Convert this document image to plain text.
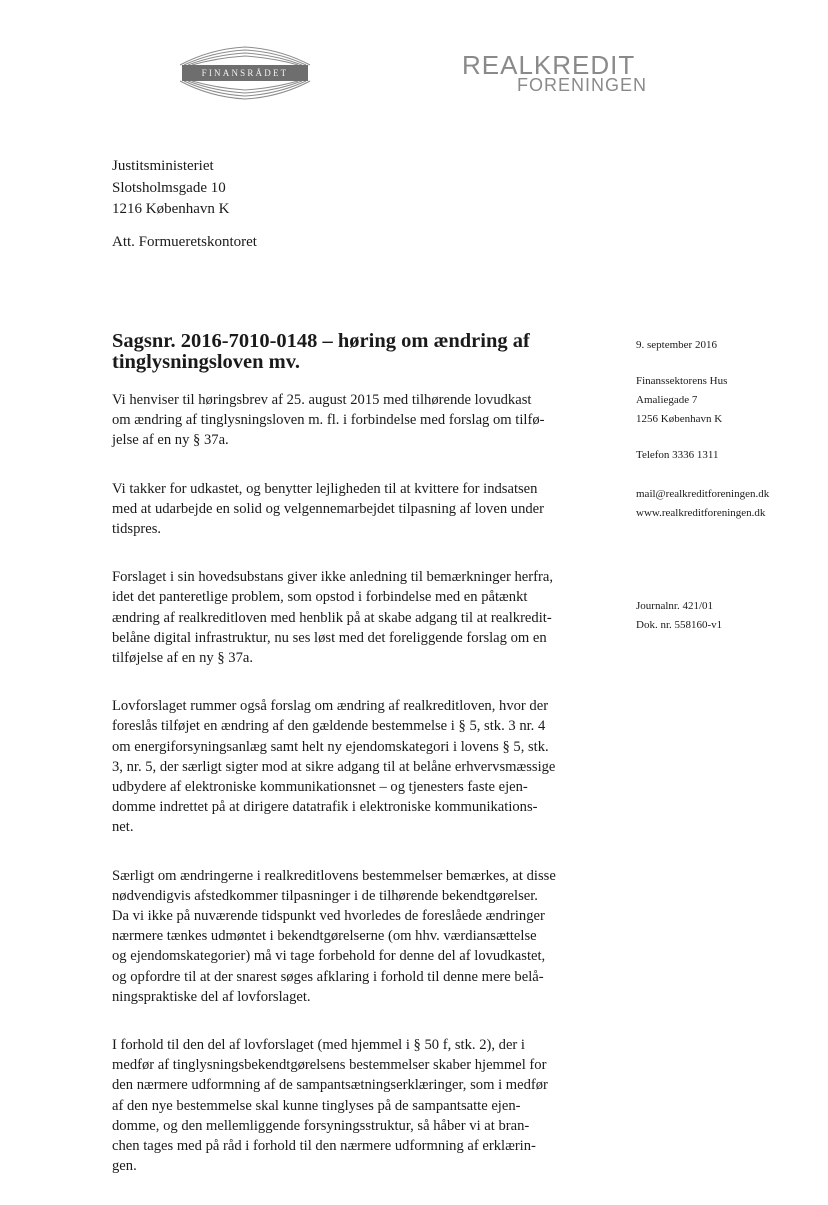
FINANSRÅDET	REALKREDIT
FORENINGEN
Justitsministeriet
Slotsholmsgade 10
1216 København K
Att. Formueretskontoret
Sagsnr. 2016-7010-0148 – høring om ændring af tinglysningsloven mv.
Vi henviser til høringsbrev af 25. august 2015 med tilhørende lovudkast
om ændring af tinglysningsloven m. fl. i forbindelse med forslag om tilfø-
jelse af en ny § 37a.
Vi takker for udkastet, og benytter lejligheden til at kvittere for indsatsen
med at udarbejde en solid og velgennemarbejdet tilpasning af loven under
tidspres.
Forslaget i sin hovedsubstans giver ikke anledning til bemærkninger herfra,
idet det panteretlige problem, som opstod i forbindelse med en påtænkt
ændring af realkreditloven med henblik på at skabe adgang til at realkredit-
belåne digital infrastruktur, nu ses løst med det foreliggende forslag om en
tilføjelse af en ny § 37a.
Lovforslaget rummer også forslag om ændring af realkreditloven, hvor der
foreslås tilføjet en ændring af den gældende bestemmelse i § 5, stk. 3 nr. 4
om energiforsyningsanlæg samt helt ny ejendomskategori i lovens § 5, stk.
3, nr. 5, der særligt sigter mod at sikre adgang til at belåne erhvervsmæssige
udbydere af elektroniske kommunikationsnet – og tjenesters faste ejen-
domme indrettet på at dirigere datatrafik i elektroniske kommunikations-
net.
Særligt om ændringerne i realkreditlovens bestemmelser bemærkes, at disse
nødvendigvis afstedkommer tilpasninger i de tilhørende bekendtgørelser.
Da vi ikke på nuværende tidspunkt ved hvorledes de foreslåede ændringer
nærmere tænkes udmøntet i bekendtgørelserne (om hhv. værdiansættelse
og ejendomskategorier) må vi tage forbehold for denne del af lovudkastet,
og opfordre til at der snarest søges afklaring i forhold til denne mere belå-
ningspraktiske del af lovforslaget.
I forhold til den del af lovforslaget (med hjemmel i § 50 f, stk. 2), der i
medfør af tinglysningsbekendtgørelsens bestemmelser skaber hjemmel for
den nærmere udformning af de sampantsætningserklæringer, som i medfør
af den nye bestemmelse skal kunne tinglyses på de sampantsatte ejen-
domme, og den mellemliggende forsyningsstruktur, så håber vi at bran-
chen tages med på råd i forhold til den nærmere udformning af erklærin-
gen.
9. september 2016
Finanssektorens Hus
Amaliegade 7
1256 København K
Telefon 3336 1311
mail@realkreditforeningen.dk
www.realkreditforeningen.dk
Journalnr. 421/01
Dok. nr. 558160-v1
